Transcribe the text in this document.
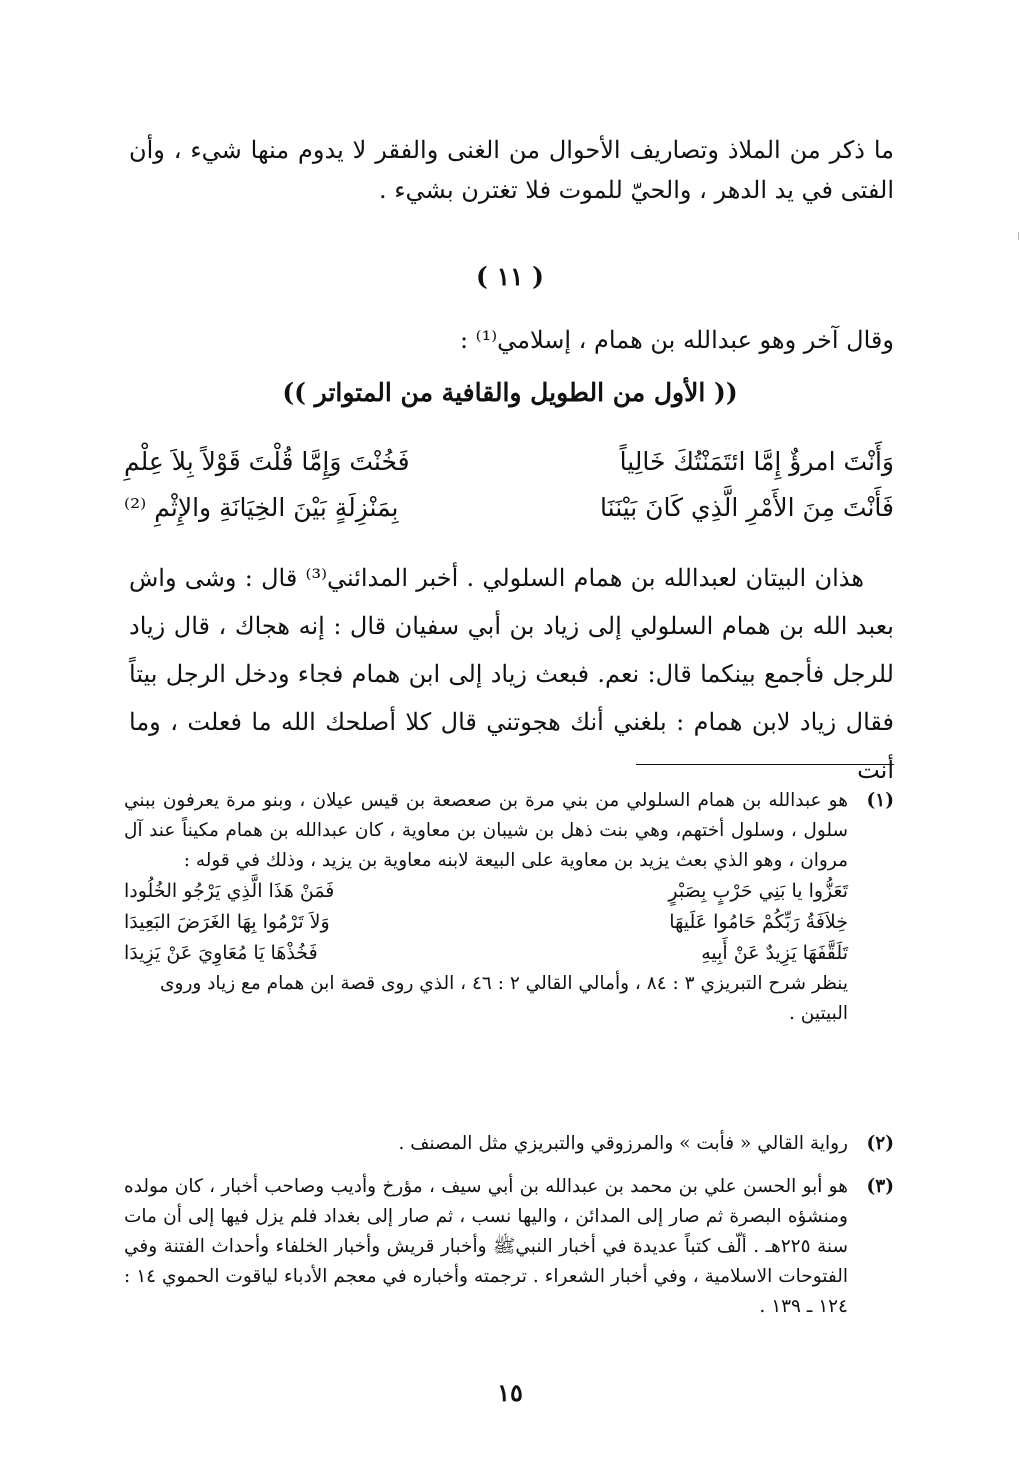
ما ذكر من الملاذ وتصاريف الأحوال من الغنى والفقر لا يدوم منها شيء ، وأن الفتى في يد الدهر ، والحيّ للموت فلا تغترن بشيء .
( ١١ )
وقال آخر وهو عبدالله بن همام ، إسلامي⁽¹⁾ :
(( الأول من الطويل والقافية من المتواتر ))
وَأَنْتَ امرؤٌ إِمَّا ائتَمَنْتُكَ خَالِياً
فَخُنْتَ وَإِمَّا قُلْتَ قَوْلاً بِلاَ عِلْمِ
فَأَنْتَ مِنَ الأَمْرِ الَّذِي كَانَ بَيْنَنَا
بِمَنْزِلَةٍ بَيْنَ الخِيَانَةِ والإِثْمِ ⁽²⁾
هذان البيتان لعبدالله بن همام السلولي . أخبر المدائني⁽³⁾ قال : وشى واش بعبد الله بن همام السلولي إلى زياد بن أبي سفيان قال : إنه هجاك ، قال زياد للرجل فأجمع بينكما قال: نعم. فبعث زياد إلى ابن همام فجاء ودخل الرجل بيتاً فقال زياد لابن همام : بلغني أنك هجوتني قال كلا أصلحك الله ما فعلت ، وما أنت
(١)
هو عبدالله بن همام السلولي من بني مرة بن صعصعة بن قيس عيلان ، وبنو مرة يعرفون ببني سلول ، وسلول أختهم، وهي بنت ذهل بن شيبان بن معاوية ، كان عبدالله بن همام مكيناً عند آل مروان ، وهو الذي بعث يزيد بن معاوية على البيعة لابنه معاوية بن يزيد ، وذلك في قوله :
تَعَزُّوا يا بَنِي حَرْبٍ بِصَبْرٍ
فَمَنْ هَذَا الَّذِي يَرْجُو الخُلُودا
خِلاَفَةُ رَبِّكُمْ حَامُوا عَلَيهَا
وَلاَ تَرْمُوا بِهَا الغَرَضَ البَعِيدَا
تَلَقَّفَهَا يَزِيدٌ عَنْ أَبِيهِ
فَخُذْهَا يَا مُعَاوِيَ عَنْ يَزِيدَا
ينظر شرح التبريزي ٣ : ٨٤ ، وأمالي القالي ٢ : ٤٦ ، الذي روى قصة ابن همام مع زياد وروى البيتين .
(٢)
رواية القالي « فأبت » والمرزوقي والتبريزي مثل المصنف .
(٣)
هو أبو الحسن علي بن محمد بن عبدالله بن أبي سيف ، مؤرخ وأديب وصاحب أخبار ، كان مولده ومنشؤه البصرة ثم صار إلى المدائن ، واليها نسب ، ثم صار إلى بغداد فلم يزل فيها إلى أن مات سنة ٢٢٥هـ . ألّف كتباً عديدة في أخبار النبيﷺ وأخبار قريش وأخبار الخلفاء وأحداث الفتنة وفي الفتوحات الاسلامية ، وفي أخبار الشعراء . ترجمته وأخباره في معجم الأدباء لياقوت الحموي ١٤ : ١٢٤ ـ ١٣٩ .
١٥
